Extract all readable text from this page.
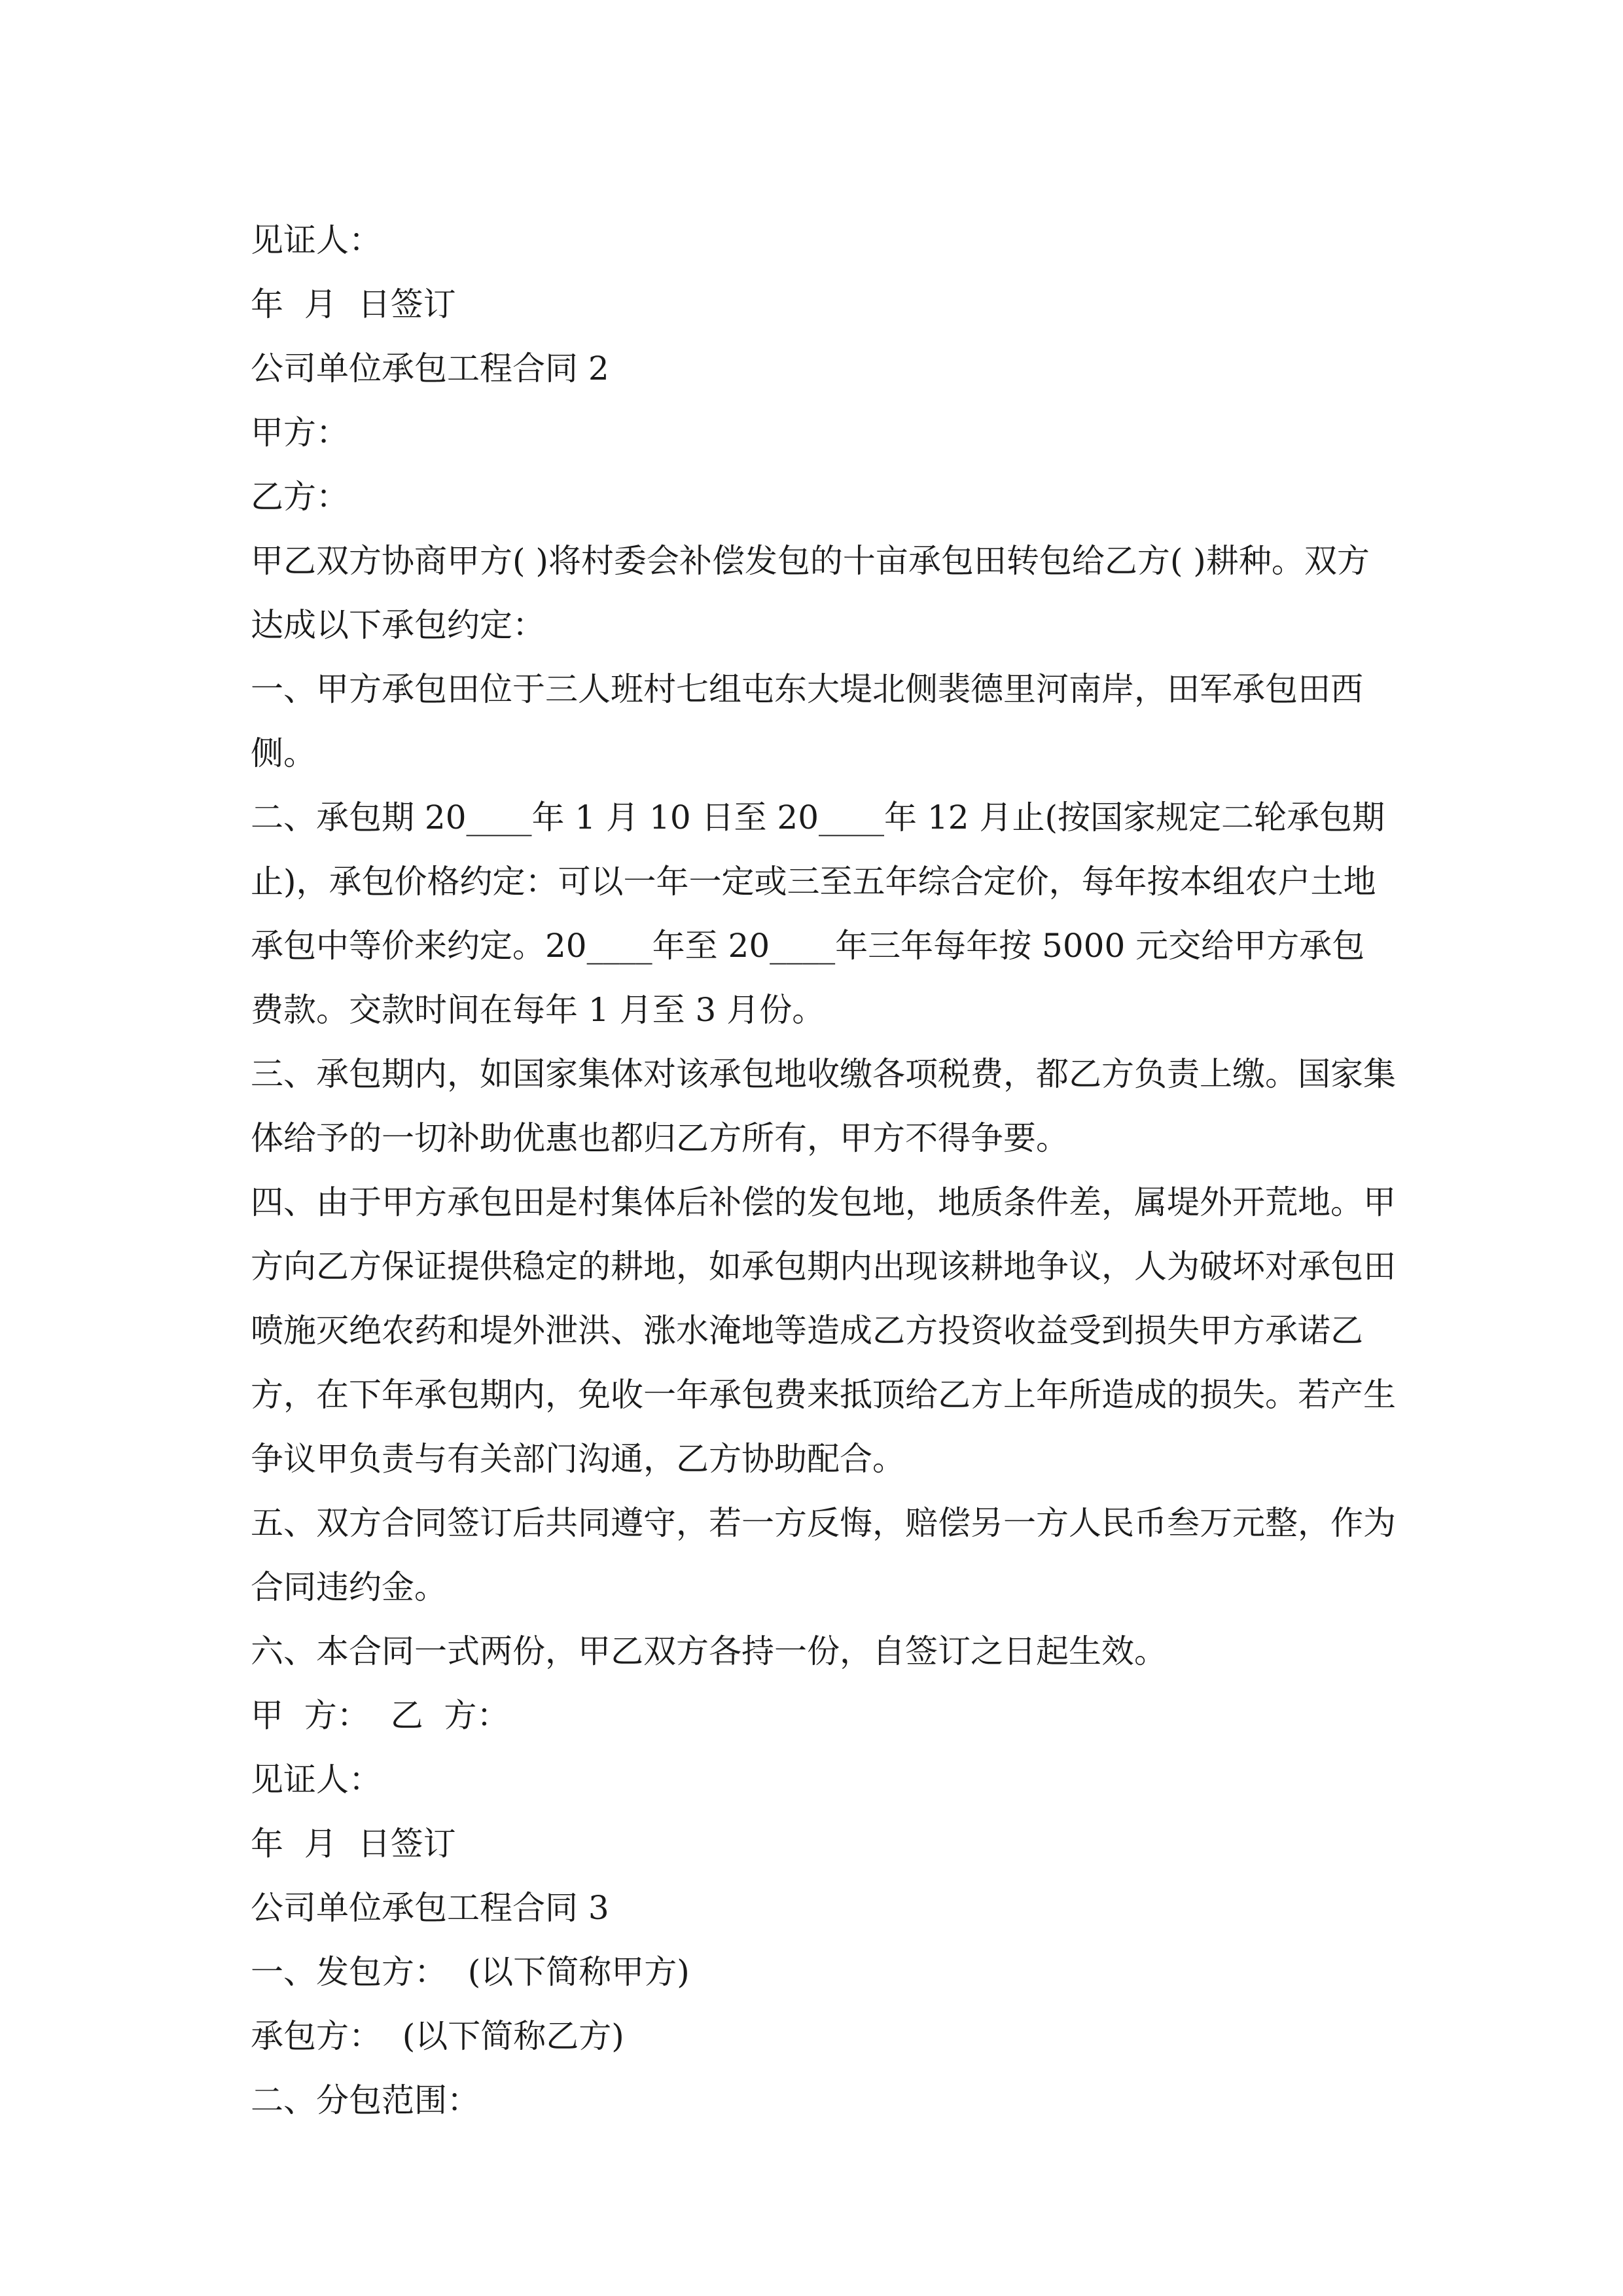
见证人：

年  月  日签订

公司单位承包工程合同 2

甲方：

乙方：

甲乙双方协商甲方( )将村委会补偿发包的十亩承包田转包给乙方( )耕种。双方达成以下承包约定：

一、甲方承包田位于三人班村七组屯东大堤北侧裴德里河南岸，田军承包田西侧。

二、承包期 20____年 1 月 10 日至 20____年 12 月止(按国家规定二轮承包期止)，承包价格约定：可以一年一定或三至五年综合定价，每年按本组农户土地承包中等价来约定。20____年至 20____年三年每年按 5000 元交给甲方承包费款。交款时间在每年 1 月至 3 月份。

三、承包期内，如国家集体对该承包地收缴各项税费，都乙方负责上缴。国家集体给予的一切补助优惠也都归乙方所有，甲方不得争要。

四、由于甲方承包田是村集体后补偿的发包地，地质条件差，属堤外开荒地。甲方向乙方保证提供稳定的耕地，如承包期内出现该耕地争议，人为破坏对承包田喷施灭绝农药和堤外泄洪、涨水淹地等造成乙方投资收益受到损失甲方承诺乙方，在下年承包期内，免收一年承包费来抵顶给乙方上年所造成的损失。若产生争议甲负责与有关部门沟通，乙方协助配合。

五、双方合同签订后共同遵守，若一方反悔，赔偿另一方人民币叁万元整，作为合同违约金。

六、本合同一式两份，甲乙双方各持一份，自签订之日起生效。

甲  方：  乙  方：

见证人：

年  月  日签订

公司单位承包工程合同 3

一、发包方：  (以下简称甲方)

承包方：  (以下简称乙方)

二、分包范围：
